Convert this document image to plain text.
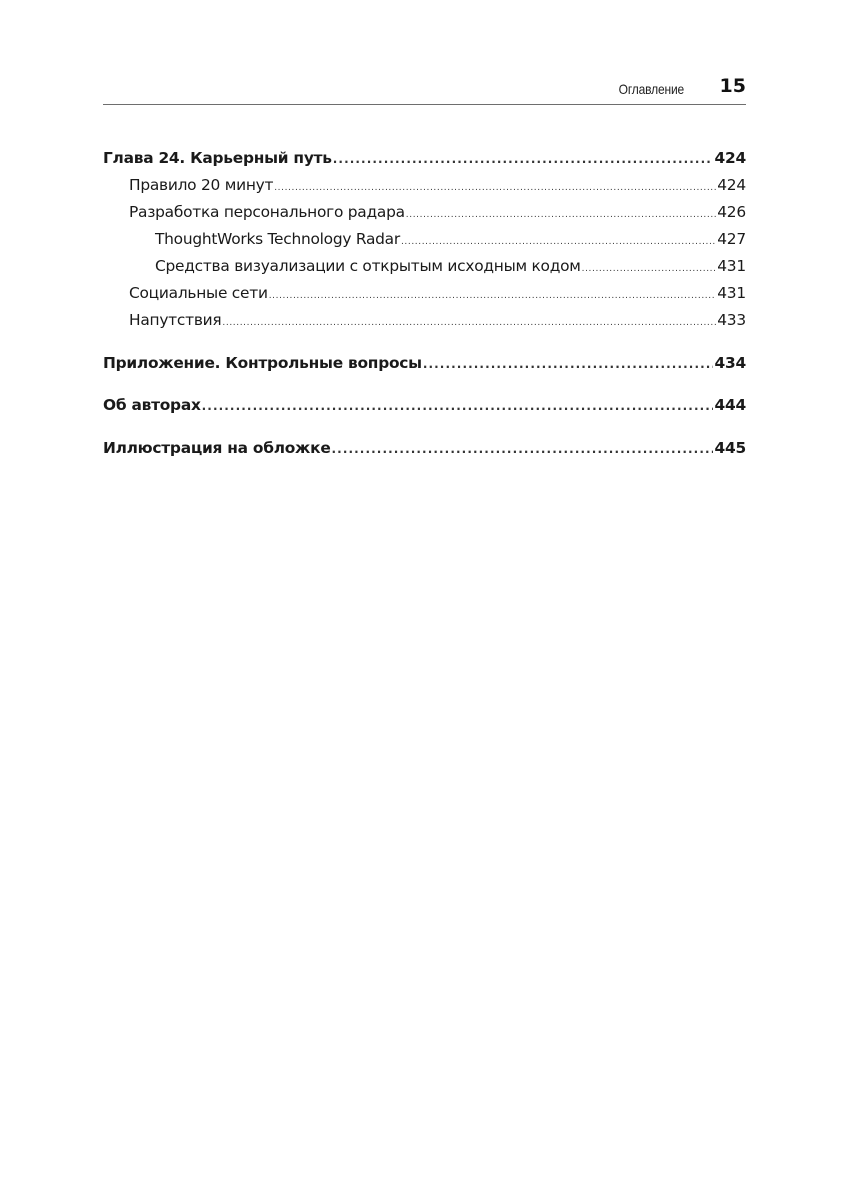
Оглавление 15
Глава 24. Карьерный путь .....	424
Правило 20 минут .....	424
Разработка персонального радара .....	426
ThoughtWorks Technology Radar .....	427
Средства визуализации с открытым исходным кодом .....	431
Социальные сети .....	431
Напутствия .....	433
Приложение. Контрольные вопросы .....	434
Об авторах .....	444
Иллюстрация на обложке .....	445
